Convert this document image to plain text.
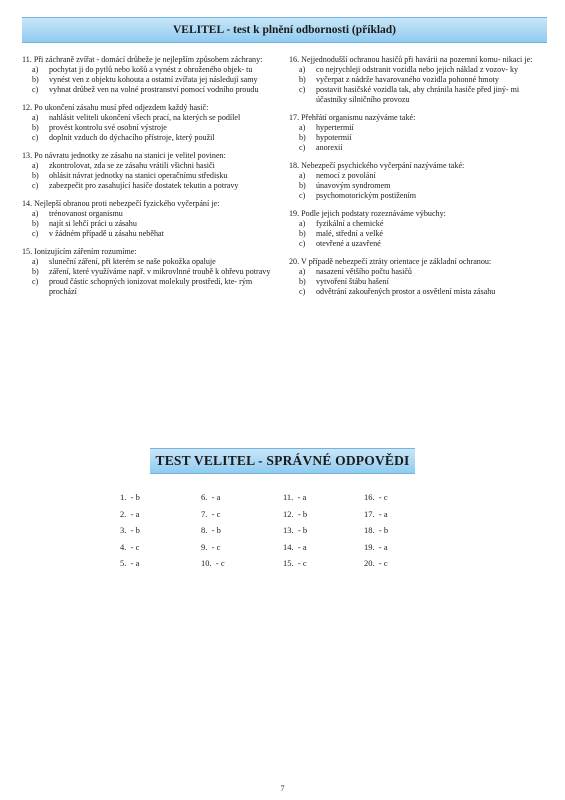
VELITEL - test k plnění odbornosti (příklad)
11. Při záchraně zvířat - domácí drůbeže je nejlepším způsobem záchrany:
a)	pochytat ji do pytlů nebo košů a vynést z ohroženého objek- tu
b)	vynést ven z objektu kohouta a ostatní zvířata jej následují samy
c)	vyhnat drůbež ven na volné prostranství pomocí vodního proudu
12. Po ukončení zásahu musí před odjezdem každý hasič:
a)	nahlásit veliteli ukončení všech prací, na kterých se podílel
b)	provést kontrolu své osobní výstroje
c)	doplnit vzduch do dýchacího přístroje, který použil
13. Po návratu jednotky ze zásahu na stanici je velitel povinen:
a)	zkontrolovat, zda se ze zásahu vrátili všichni hasiči
b)	ohlásit návrat jednotky na stanici operačnímu středisku
c)	zabezpečit pro zasahující hasiče dostatek tekutin a potravy
14. Nejlepší obranou proti nebezpečí fyzického vyčerpání je:
a)	trénovanost organismu
b)	najít si lehčí práci u zásahu
c)	v žádném případě u zásahu neběhat
15. Ionizujícím zářením rozumíme:
a)	sluneční záření, při kterém se naše pokožka opaluje
b)	záření, které využíváme např. v mikrovlnné troubě k ohřevu potravy
c)	proud částic schopných ionizovat molekuly prostředí, kte- rým prochází
16. Nejjednodušší ochranou hasičů při havárii na pozemní komu- nikaci je:
a)	co nejrychleji odstranit vozidla nebo jejich náklad z vozov- ky
b)	vyčerpat z nádrže havarovaného vozidla pohonné hmoty
c)	postavit hasičské vozidla tak, aby chránila hasiče před jiný- mi účastníky silničního provozu
17. Přehřátí organismu nazýváme také:
a)	hypertermií
b)	hypotermií
c)	anorexií
18. Nebezpečí psychického vyčerpání nazýváme také:
a)	nemocí z povolání
b)	únavovým syndromem
c)	psychomotorickým postižením
19. Podle jejich podstaty rozeznáváme výbuchy:
a)	fyzikální a chemické
b)	malé, střední a velké
c)	otevřené a uzavřené
20. V případě nebezpečí ztráty orientace je základní ochranou:
a)	nasazení většího počtu hasičů
b)	vytvoření štábu hašení
c)	odvětrání zakouřených prostor a osvětlení místa zásahu
TEST VELITEL - SPRÁVNÉ ODPOVĚDI
1.  - b
2.  - a
3.  - b
4.  - c
5.  - a
6.  - a
7.  - c
8.  - b
9.  - c
10.  - c
11.  - a
12.  - b
13.  - b
14.  - a
15.  - c
16.  - c
17.  - a
18.  - b
19.  - a
20.  - c
7
